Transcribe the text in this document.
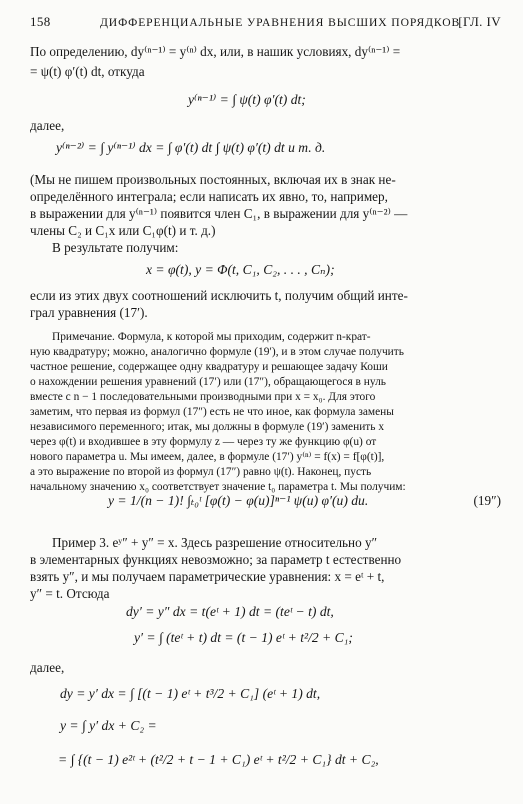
158	ДИФФЕРЕНЦИАЛЬНЫЕ УРАВНЕНИЯ ВЫСШИХ ПОРЯДКОВ
[ГЛ. IV
По определению, dy⁽ⁿ⁻¹⁾ = y⁽ⁿ⁾ dx, или, в нашик условиях, dy⁽ⁿ⁻¹⁾ =
= ψ(t) φ′(t) dt, откуда
y⁽ⁿ⁻¹⁾ = ∫ ψ(t) φ′(t) dt;
далее,
y⁽ⁿ⁻²⁾ = ∫ y⁽ⁿ⁻¹⁾ dx = ∫ φ′(t) dt ∫ ψ(t) φ′(t) dt и т. д.
(Мы не пишем произвольных постоянных, включая их в знак не-
определённого интеграла; если написать их явно, то, например,
в выражении для y⁽ⁿ⁻¹⁾ появится член C₁, в выражении для y⁽ⁿ⁻²⁾ —
члены C₂ и C₁x или C₁φ(t) и т. д.)
В результате получим:
x = φ(t), y = Φ(t, C₁, C₂, . . . , Cₙ);
если из этих двух соотношений исключить t, получим общий инте-
грал уравнения (17′).
Примечание. Формула, к которой мы приходим, содержит n-крат-
ную квадратуру; можно, аналогично формуле (19′), и в этом случае получить
частное решение, содержащее одну квадратуру и решающее задачу Коши
о нахождении решения уравнений (17′) или (17″), обращающегося в нуль
вместе с n − 1 последовательными производными при x = x₀. Для этого
заметим, что первая из формул (17″) есть не что иное, как формула замены
независимого переменного; итак, мы должны в формуле (19′) заменить x
через φ(t) и входившее в эту формулу z — через ту же функцию φ(u) от
нового параметра u. Мы имеем, далее, в формуле (17′) y⁽ⁿ⁾ = f(x) = f[φ(t)],
а это выражение по второй из формул (17″) равно ψ(t). Наконец, пусть
начальному значению x₀ соответствует значение t₀ параметра t. Мы получим:
y = 1/(n − 1)! ∫ₜ₀ᵗ [φ(t) − φ(u)]ⁿ⁻¹ ψ(u) φ′(u) du.	(19″)
Пример 3. eʸ″ + y″ = x. Здесь разрешение относительно y″
в элементарных функциях невозможно; за параметр t естественно
взять y″, и мы получаем параметрические уравнения: x = eᵗ + t,
y″ = t. Отсюда
dy′ = y″ dx = t(eᵗ + 1) dt = (teᵗ − t) dt,
y′ = ∫ (teᵗ + t) dt = (t − 1) eᵗ + t²/2 + C₁;
далее,
dy = y′ dx = ∫ [(t − 1) eᵗ + t³/2 + C₁] (eᵗ + 1) dt,
y = ∫ y′ dx + C₂ =
= ∫ {(t − 1) e²ᵗ + (t²/2 + t − 1 + C₁) eᵗ + t²/2 + C₁} dt + C₂,
